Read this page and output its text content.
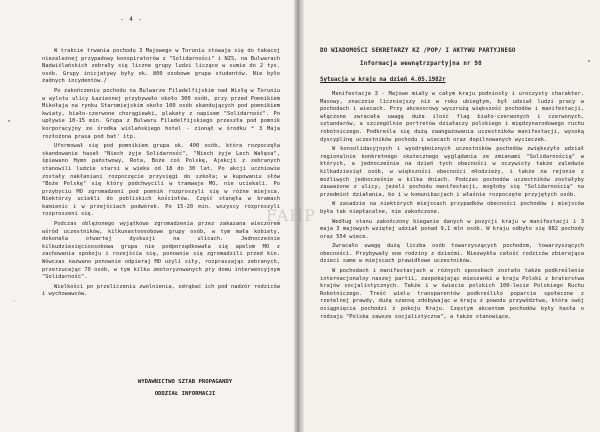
- 4 -
W trakcie trwania pochodu 3 Majowego w Toruniu stowaja się do takacoj niezależnej przypadowy konspiratorów z "Solidarności" i NZS, na Bulwarach Nadwiślańskich zebrały się liczne grupy ludzi liczące w sumie do 2 tys. osób. Grupy inicjatywy były ok. 800 osobowe grupa studentów. Nie było żadnych incydentów./
Po zakończeniu pochodu na Bulwarze Filadelfijskim nad Wisłą w Toruniu w wylotu ulicy Łaziennej przybywało około 300 osób, przy przed Pomnikiem Mikołaja na rynku Staromiejskim około 100 osób skandujących pod pomnikiem kwiaty, biało-czerwone chorągiewki, plakaty z napisem "Solidarność". Po upływie 10-15 min. Grupa z Bulwaru Filadelfijskiego przeszła pod pomnik korporacyjny ze środka wiślańskiego hotel - zionął w środku * 3 Maja rozłożona prasa pod bat' itp.
Uformował się pod pomnikiem grupa ok. 400 osób, która rozpoczęła skandowanie haseł "Niech żyje Solidarność", "Niech żyje Lech Wałęsa", śpiewano Hymn państwowy, Rota, Boże coś Polskę, Ajekcji z zebranych stanowili ludzie starsi w wieku od 18 do 30 lat. Po akcji uczniowie zostały nakłaniani rozpoczęcie przysięgi do szkoła; w kupowaniu słów "Boże Polskę" się który podchwycili w tramwaje MO, nie uciekali. Po przybyciu MO zgromadzeni pod pomnik rozproszyli się w różne miejsca. Niektórzy uciekli do pobliskich kościołów. Część stanęła w bramach kamienic i w przejściach podwórek. Po 15-20 min. wszyscy rozproszyli rozproszeni się.
Podczas oblężonego wyjątkowo zgromadzenia przez zakazana wieczorem wśród uczestników, kilkunastoosobowe grupy osób, w tym mała kobiety, dokonała otwartej dyskusji na ulicach. Jednocześnie kilkudziesięcioosobowa grupa nie podporządkowała się apelom MO z zachowania spokoju i rozejścia się, ponownie się zgromadzili przed kin. Wówczas nazwano ponownie odpieraj MO użyli siły, rozpraszając zebranych, przerzucając 70 osób, w tym kilku zmotoryzowanych pry domu interwencyjnym "Solidarność".
Wielkości po przeliczeniu zwolnienia, odrąbać ich pod nadzór rodziców i wychowawców.
WYDAWNICTWO SZTAB PROPAGANDY
ODDZIAŁ INFORMACJI
DO WIADOMOŚCI SEKRETARZY KZ /POP/ I AKTYWU PARTYJNEGO
Informacja wewnątrzpartyjna nr 98
Sytuacja w kraju na dzień 4.05.1982r
Manifestacje 3 - Majowe miały w całym kraju podniosły i uroczysty charakter. Masowy, znacznie liczniejszy niż w roku ubiegłym, był udział ludzi pracy w pochodach i wiecach. Przy akcesorowy wyszrożą większość pochodów i manifestacji, włączone zwracała uwagę duża ilość flag biało-czerwonych i czerwonych, sztandarów, a szczególnie portretów działaczy polskiego i międzynarodowego ruchu robotniczego. Podkreśla się dużą zaangażowania uczestników manifestacji, wysoką dyscyplinę uczestników pochodu i wiecach oraz dopilnowanych wycieczek.
W konsolidacyjnych i wyodrębnionych uczestników pochodów zwiększyło udział regionalnie konkretnego skutecznego wyglądania ze zmianami "Solidarnością" w których, a jednocześnie na dzień tych obecności w oczywisty także zaledwie kilkadziesiąt osób, w większości obecności młodzieży, i także na rejonie z możliwych jednocześnie w kilka dniach. Podczas pochodów uczestników zostałyby zauważone z ulicy, jeżeli pochodu manifestacji, mogłoby się "Solidarnością" na przedmiot działania, bo i w komunikacjach i właśnie rozpoczęte przyjętych osób.
W zasadzie na niektórych miejscach przypadków obecności pochodów i miejsców była tak niepłacalne, nie zakończone.
Według stanu zakończony bieganie danych w pozycji kraju w manifestacji i 3 maja 3 majowych wziętej udział ponad 9,1 mln osób. W kraju odbyło się 882 pochody oraz 554 wiece.
Zwracało uwagę dużą liczba osób towarzyszących pochodom, towarzyszących obecności. Przybywały one rodziny z dziećmi. Niezwykła całość rodziców zbierająca dzieci same w miejscach prawidłowe uczestników.
W pochodach i manifestacjach w różnych sposobach zostało także podkreślenie internacjonalny naszej partii, zaspokajając mieszanki w kraju Polski z braterstwa krajów socjalistycznych. Także i w świecie polskich 100-lecie Polskiego Ruchu Robotniczego. Treść wielu transparentów podkreśliło poparcie społeczne z rzetelnej prawdy, dużą szansę zdobywając w kraju z powodu przywództwa, która swój osiągnięcia pochodzi z pokoju Kraju. Częstym akcentem pochodów były hasła o rodzaju "Polska zawsze socjalistyczna", a także stanowiące.
FAHP
